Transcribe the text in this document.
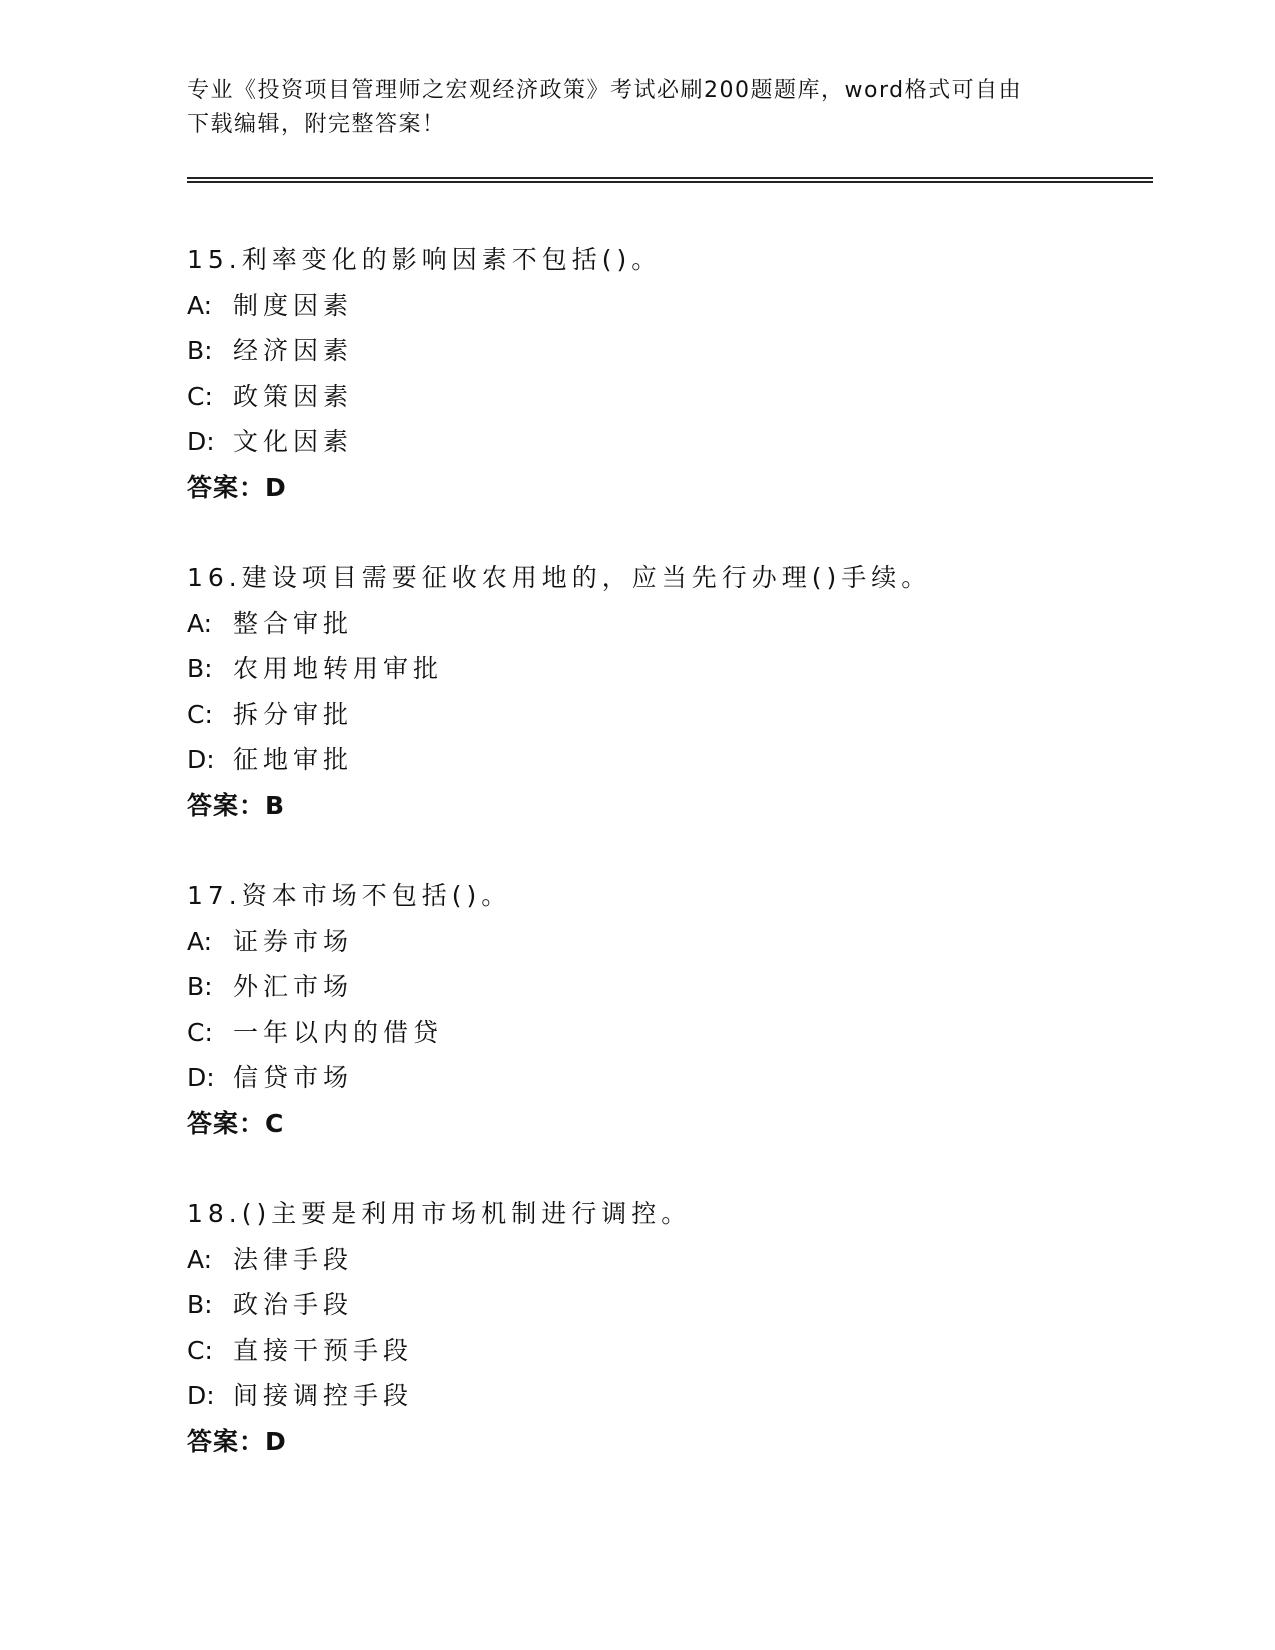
专业《投资项目管理师之宏观经济政策》考试必刷200题题库，word格式可自由
下载编辑，附完整答案！
15.利率变化的影响因素不包括()。
A: 制度因素
B: 经济因素
C: 政策因素
D: 文化因素
答案：D
16.建设项目需要征收农用地的，应当先行办理()手续。
A: 整合审批
B: 农用地转用审批
C: 拆分审批
D: 征地审批
答案：B
17.资本市场不包括()。
A: 证券市场
B: 外汇市场
C: 一年以内的借贷
D: 信贷市场
答案：C
18.()主要是利用市场机制进行调控。
A: 法律手段
B: 政治手段
C: 直接干预手段
D: 间接调控手段
答案：D
